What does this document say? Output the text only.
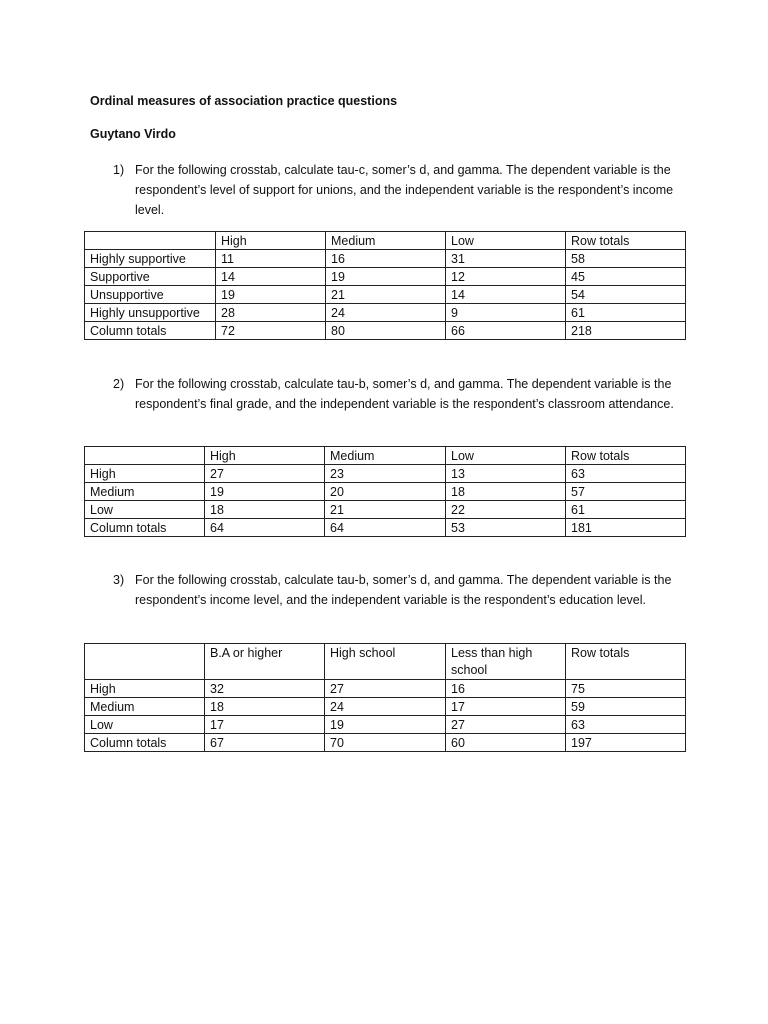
Ordinal measures of association practice questions
Guytano Virdo
1) For the following crosstab, calculate tau-c, somer’s d, and gamma. The dependent variable is the respondent’s level of support for unions, and the independent variable is the respondent’s income level.
	High	Medium	Low	Row totals
Highly supportive	11	16	31	58
Supportive	14	19	12	45
Unsupportive	19	21	14	54
Highly unsupportive	28	24	9	61
Column totals	72	80	66	218
2) For the following crosstab, calculate tau-b, somer’s d, and gamma. The dependent variable is the respondent’s final grade, and the independent variable is the respondent’s classroom attendance.
	High	Medium	Low	Row totals
High	27	23	13	63
Medium	19	20	18	57
Low	18	21	22	61
Column totals	64	64	53	181
3) For the following crosstab, calculate tau-b, somer’s d, and gamma. The dependent variable is the respondent’s income level, and the independent variable is the respondent’s education level.
	B.A or higher	High school	Less than high school	Row totals
High	32	27	16	75
Medium	18	24	17	59
Low	17	19	27	63
Column totals	67	70	60	197
